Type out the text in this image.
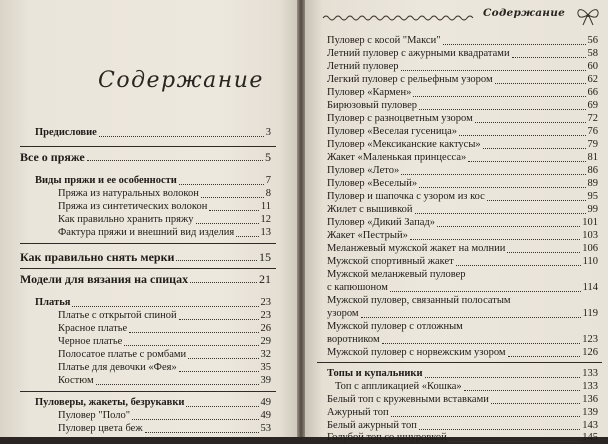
Содержание
Предисловие	3
Все о пряже	5
Виды пряжи и ее особенности	7
Пряжа из натуральных волокон	8
Пряжа из синтетических волокон	11
Как правильно хранить пряжу	12
Фактура пряжи и внешний вид изделия	13
Как правильно снять мерки	15
Модели для вязания на спицах	21
Платья	23
Платье с открытой спиной	23
Красное платье	26
Черное платье	29
Полосатое платье с ромбами	32
Платье для девочки «Фея»	35
Костюм	39
Пуловеры, жакеты, безрукавки	49
Пуловер "Поло"	49
Пуловер цвета беж	53
Содержание
Пуловер с косой "Макси"	56
Летний пуловер с ажурными квадратами	58
Летний пуловер	60
Легкий пуловер с рельефным узором	62
Пуловер «Кармен»	66
Бирюзовый пуловер	69
Пуловер с разноцветным узором	72
Пуловер «Веселая гусеница»	76
Пуловер «Мексиканские кактусы»	79
Жакет «Маленькая принцесса»	81
Пуловер «Лето»	86
Пуловер «Веселый»	89
Пуловер и шапочка с узором из кос	95
Жилет с вышивкой	99
Пуловер «Дикий Запад»	101
Жакет «Пестрый»	103
Меланжевый мужской жакет на молнии	106
Мужской спортивный жакет	110
Мужской меланжевый пуловер
с капюшоном	114
Мужской пуловер, связанный полосатым
узором	119
Мужской пуловер с отложным
воротником	123
Мужской пуловер с норвежским узором	126
Топы и купальники	133
Топ с аппликацией «Кошка»	133
Белый топ с кружевными вставками	136
Ажурный топ	139
Белый ажурный топ	143
Голубой топ со шнуровкой	145
